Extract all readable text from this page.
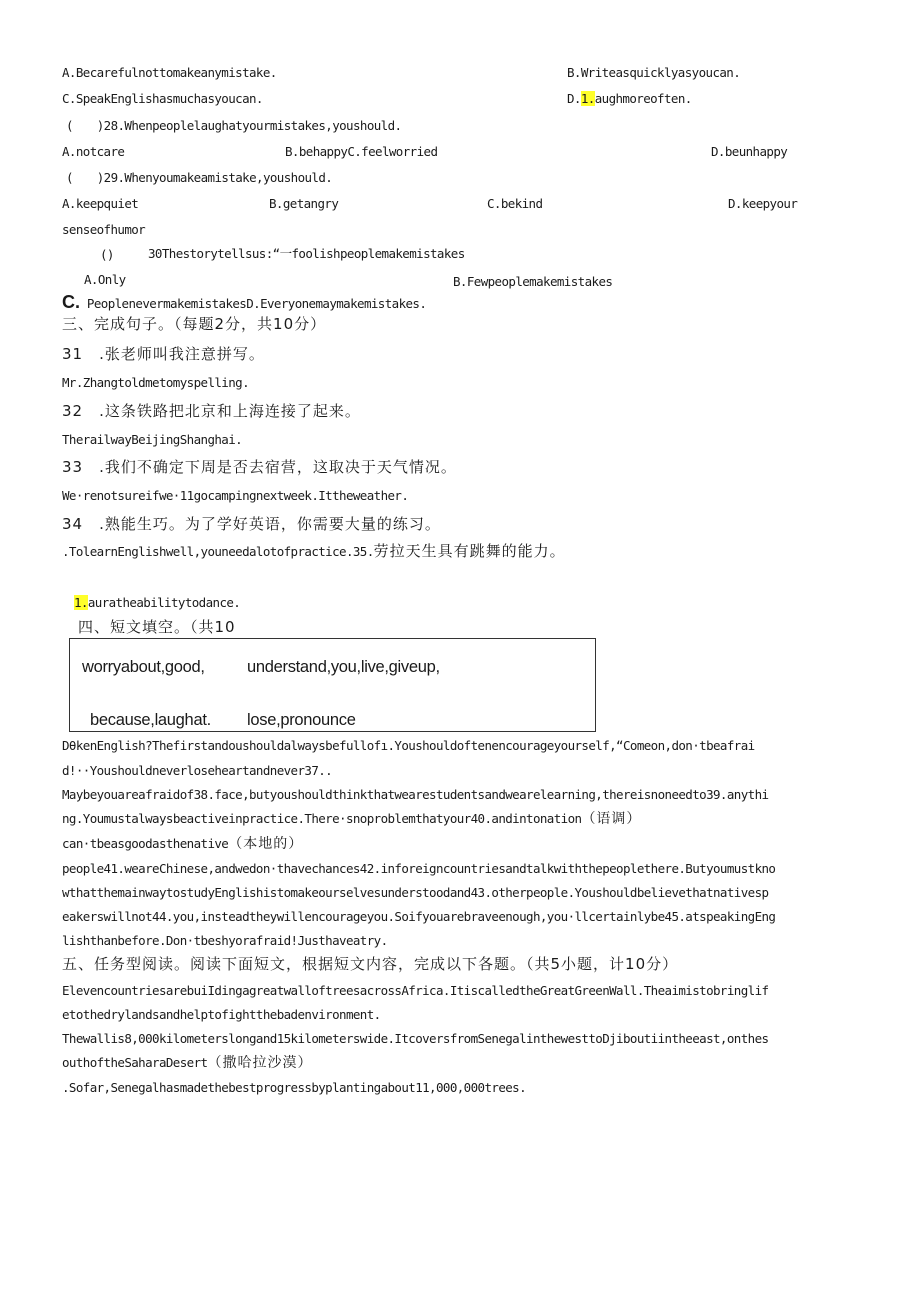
A.Becarefulnottomakeanymistake.	B.Writeasquicklyasyoucan.
C.SpeakEnglishasmuchasyoucan.	D.1.aughmoreoften.
(　　)28.Whenpeoplelaughatyourmistakes,youshould.
A.notcare	B.behappyC.feelworried	D.beunhappy
(　　)29.Whenyoumakeamistake,youshould.
A.keepquiet	B.getangry	C.bekind	D.keepyour
senseofhumor
()	30Thestorytellsus:“一foolishpeoplemakemistakes
A.Only	B.Fewpeoplemakemistakes
C. PeoplenevermakemistakesD.Everyonemaymakemistakes.
三、完成句子。（每题2分，共10分）
31　.张老师叫我注意拼写。
Mr.Zhangtoldmetomyspelling.
32　.这条铁路把北京和上海连接了起来。
TherailwayBeijingShanghai.
33　.我们不确定下周是否去宿营，这取决于天气情况。
We·renotsureifwe·11gocampingnextweek.Ittheweather.
34　.熟能生巧。为了学好英语，你需要大量的练习。
.TolearnEnglishwell,youneedalotofpractice.35.劳拉天生具有跳舞的能力。
1.auratheabilitytodance.
四、短文填空。（共10
worryabout,good,	understand,you,live,giveup,
because,laughat. lose,pronounce
DθkenEnglish?Thefirstandoushouldalwaysbefullofı.Youshouldoftenencourageyourself,“Comeon,don·tbeafrai
d!··Youshouldneverloseheartandnever37..
Maybeyouareafraidof38.face,butyoushouldthinkthatwearestudentsandwearelearning,thereisnoneedto39.anythi
ng.Youmustalwaysbeactiveinpractice.There·snoproblemthatyour40.andintonation（语调）
can·tbeasgoodasthenative（本地的）
people41.weareChinese,andwedon·thavechances42.inforeigncountriesandtalkwiththepeoplethere.Butyoumustkno
wthatthemainwaytostudyEnglishistomakeourselvesunderstoodand43.otherpeople.Youshouldbelievethatnativesp
eakerswillnot44.you,insteadtheywillencourageyou.Soifyouarebraveenough,you·llcertainlybe45.atspeakingEng
lishthanbefore.Don·tbeshyorafraid!Justhaveatry.
五、任务型阅读。阅读下面短文，根据短文内容，完成以下各题。（共5小题，计10分）
ElevencountriesarebuiIdingagreatwalloftreesacrossAfrica.ItiscalledtheGreatGreenWall.Theaimistobringlif
etothedrylandsandhelptofightthebadenvironment.
Thewallis8,000kilometerslongand15kilometerswide.ItcoversfromSenegalinthewesttoDjiboutiintheeast,onthes
outhoftheSaharaDesert（撒哈拉沙漠）
.Sofar,Senegalhasmadethebestprogressbyplantingabout11,000,000trees.
